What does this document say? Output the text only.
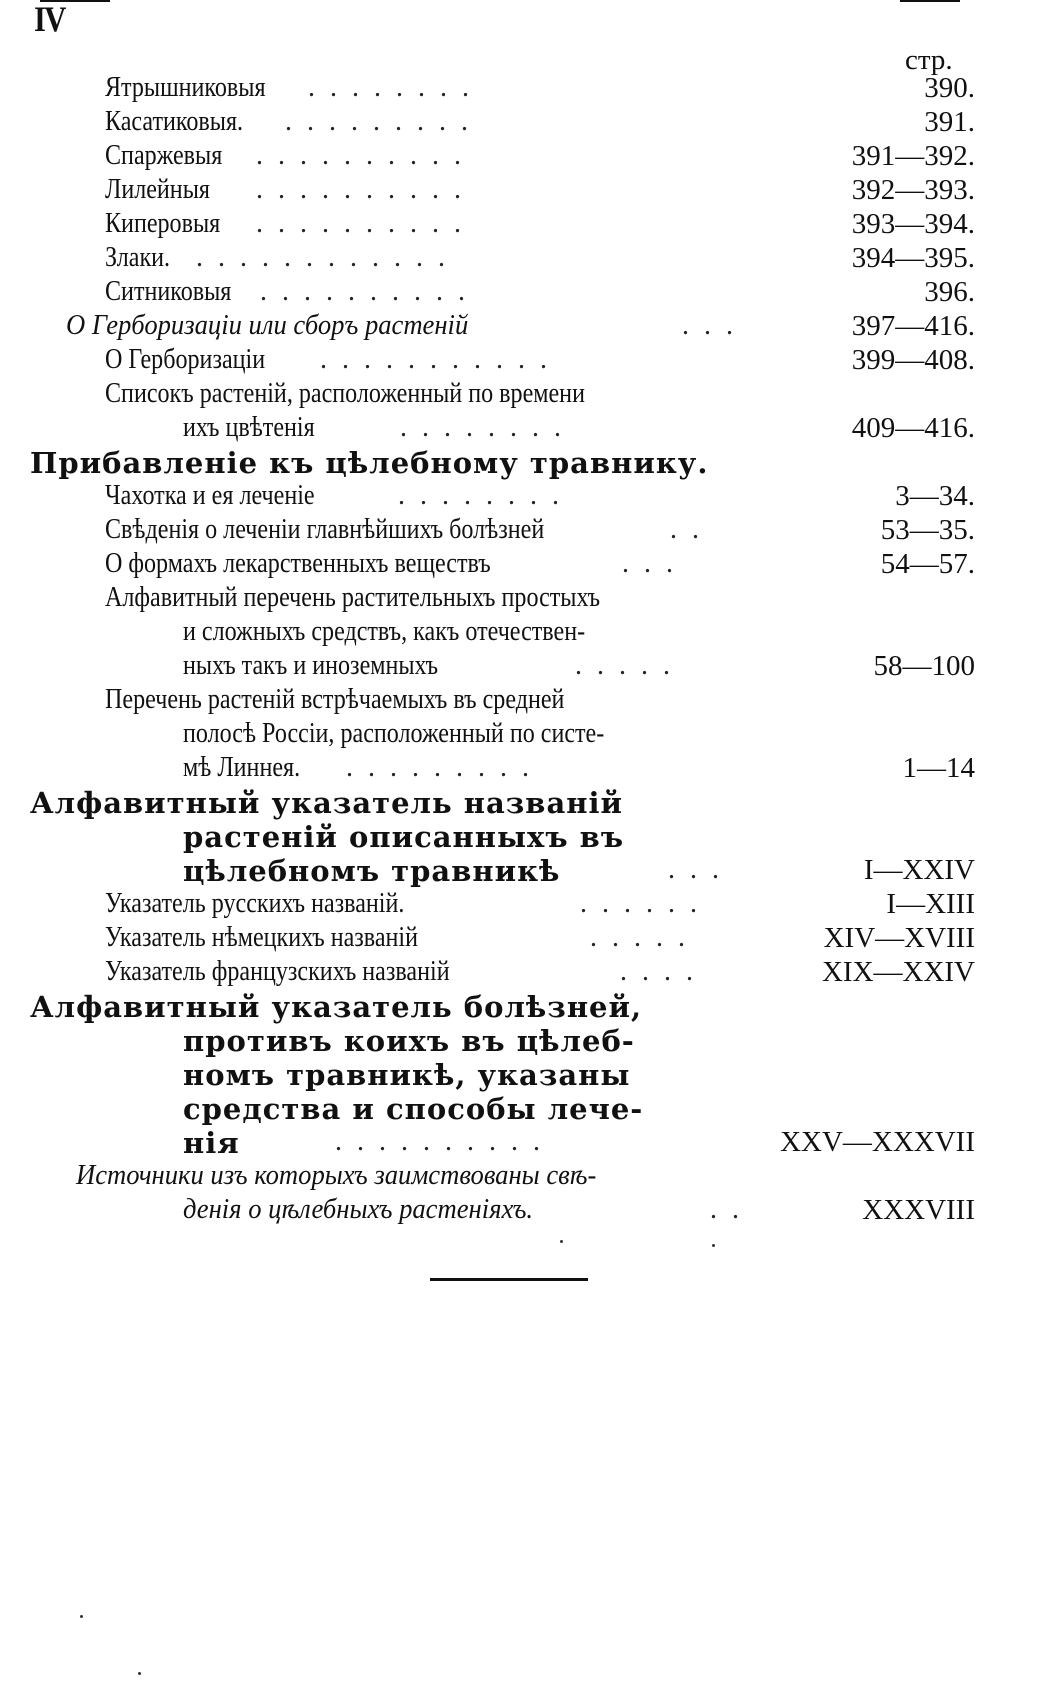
IV
стр.
Ятрышниковыя ........	390.
Касатиковыя. .........	391.
Спаржевыя ..........	391—392.
Лилейныя ..........	392—393.
Киперовыя ..........	393—394.
Злаки. ............	394—395.
Ситниковыя ..........	396.
О Герборизаціи или сборъ растеній	...	397—416.
О Герборизаціи ...........	399—408.
Списокъ растеній, расположенный по времени
ихъ цвѣтенія	........	409—416.
Прибавленіе къ цѣлебному травнику.
Чахотка и ея леченіе	........	3—34.
Свѣденія о леченіи главнѣйшихъ болѣзней	..	53—35.
О формахъ лекарственныхъ веществъ	...	54—57.
Алфавитный перечень растительныхъ простыхъ
и сложныхъ средствъ, какъ отечествен-
ныхъ такъ и иноземныхъ	.....	58—100
Перечень растеній встрѣчаемыхъ въ средней
полосѣ Россіи, расположенный по систе-
мѣ Линнея. .........	1—14
Алфавитный указатель названій
растеній описанныхъ въ
цѣлебномъ травникѣ	...	I—XXIV
Указатель русскихъ названій.	......	I—XIII
Указатель нѣмецкихъ названій	.....	XIV—XVIII
Указатель французскихъ названій	....	XIX—XXIV
Алфавитный указатель болѣзней,
противъ коихъ въ цѣлеб-
номъ травникѣ, указаны
средства и способы лече-
нія	..........	XXV—XXXVII
Источники изъ которыхъ заимствованы свѣ-
денія о цѣлебныхъ растеніяхъ.	..	XXXVIII
